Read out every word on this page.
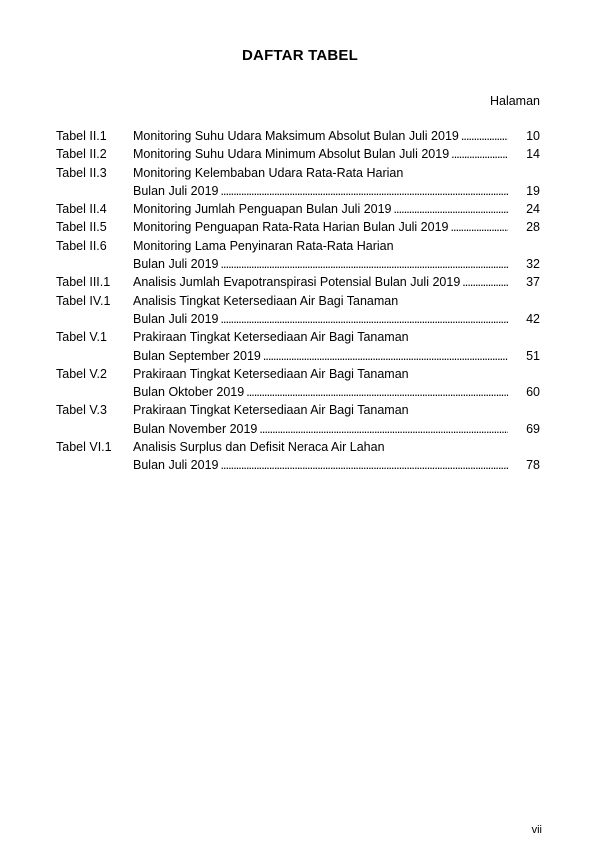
DAFTAR TABEL
Halaman
Tabel II.1	Monitoring Suhu Udara Maksimum Absolut Bulan Juli 2019 . . .	10
Tabel II.2	Monitoring Suhu Udara Minimum Absolut Bulan Juli 2019 . . .	14
Tabel II.3	Monitoring Kelembaban Udara Rata-Rata Harian
Bulan Juli 2019 . . .	19
Tabel II.4	Monitoring Jumlah Penguapan Bulan Juli 2019 . . .	24
Tabel II.5	Monitoring Penguapan Rata-Rata Harian Bulan Juli 2019 . . .	28
Tabel II.6	Monitoring Lama Penyinaran Rata-Rata Harian
Bulan Juli 2019 . . .	32
Tabel III.1	Analisis Jumlah Evapotranspirasi Potensial Bulan Juli 2019 . . .	37
Tabel IV.1	Analisis Tingkat Ketersediaan Air Bagi Tanaman
Bulan Juli 2019 . . .	42
Tabel V.1	Prakiraan Tingkat Ketersediaan Air Bagi Tanaman
Bulan September 2019 . . .	51
Tabel V.2	Prakiraan Tingkat Ketersediaan Air Bagi Tanaman
Bulan Oktober 2019 . . .	60
Tabel V.3	Prakiraan Tingkat Ketersediaan Air Bagi Tanaman
Bulan November 2019 . . .	69
Tabel VI.1	Analisis Surplus dan Defisit Neraca Air Lahan
Bulan Juli 2019 . . .	78
vii
